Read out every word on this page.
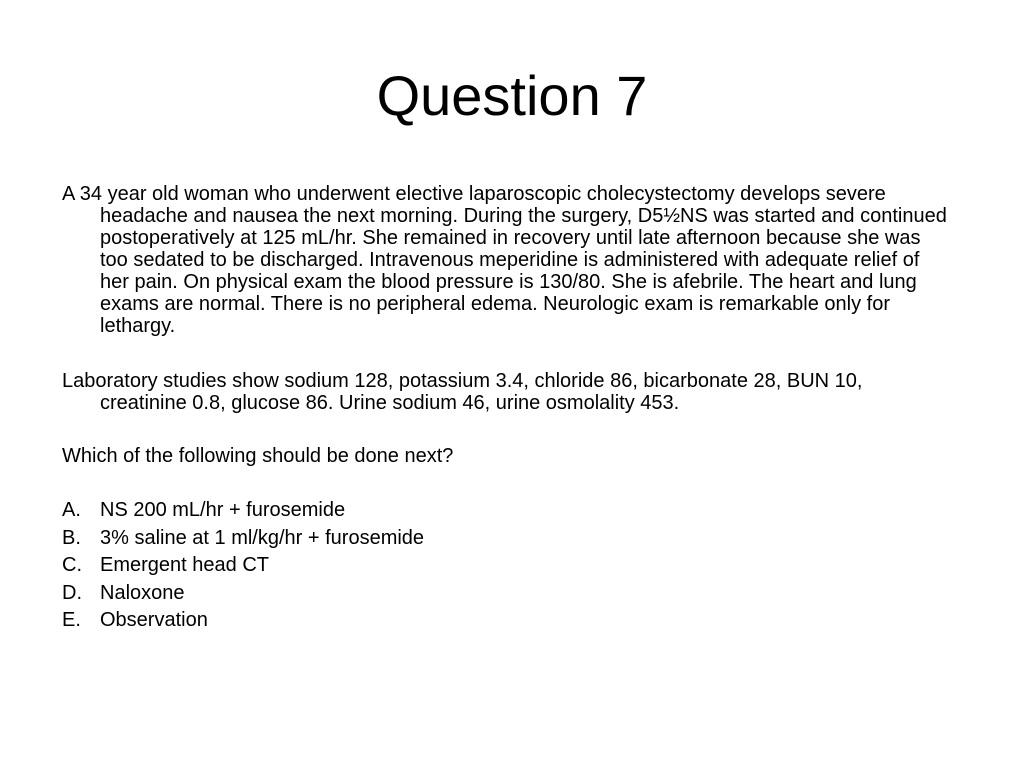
Question 7

A 34 year old woman who underwent elective laparoscopic cholecystectomy develops severe headache and nausea the next morning. During the surgery, D5½NS was started and continued postoperatively at 125 mL/hr. She remained in recovery until late afternoon because she was too sedated to be discharged. Intravenous meperidine is administered with adequate relief of her pain. On physical exam the blood pressure is 130/80. She is afebrile. The heart and lung exams are normal. There is no peripheral edema. Neurologic exam is remarkable only for lethargy.

Laboratory studies show sodium 128, potassium 3.4, chloride 86, bicarbonate 28, BUN 10, creatinine 0.8, glucose 86. Urine sodium 46, urine osmolality 453.

Which of the following should be done next?

A. NS 200 mL/hr + furosemide
B. 3% saline at 1 ml/kg/hr + furosemide
C. Emergent head CT
D. Naloxone
E. Observation
